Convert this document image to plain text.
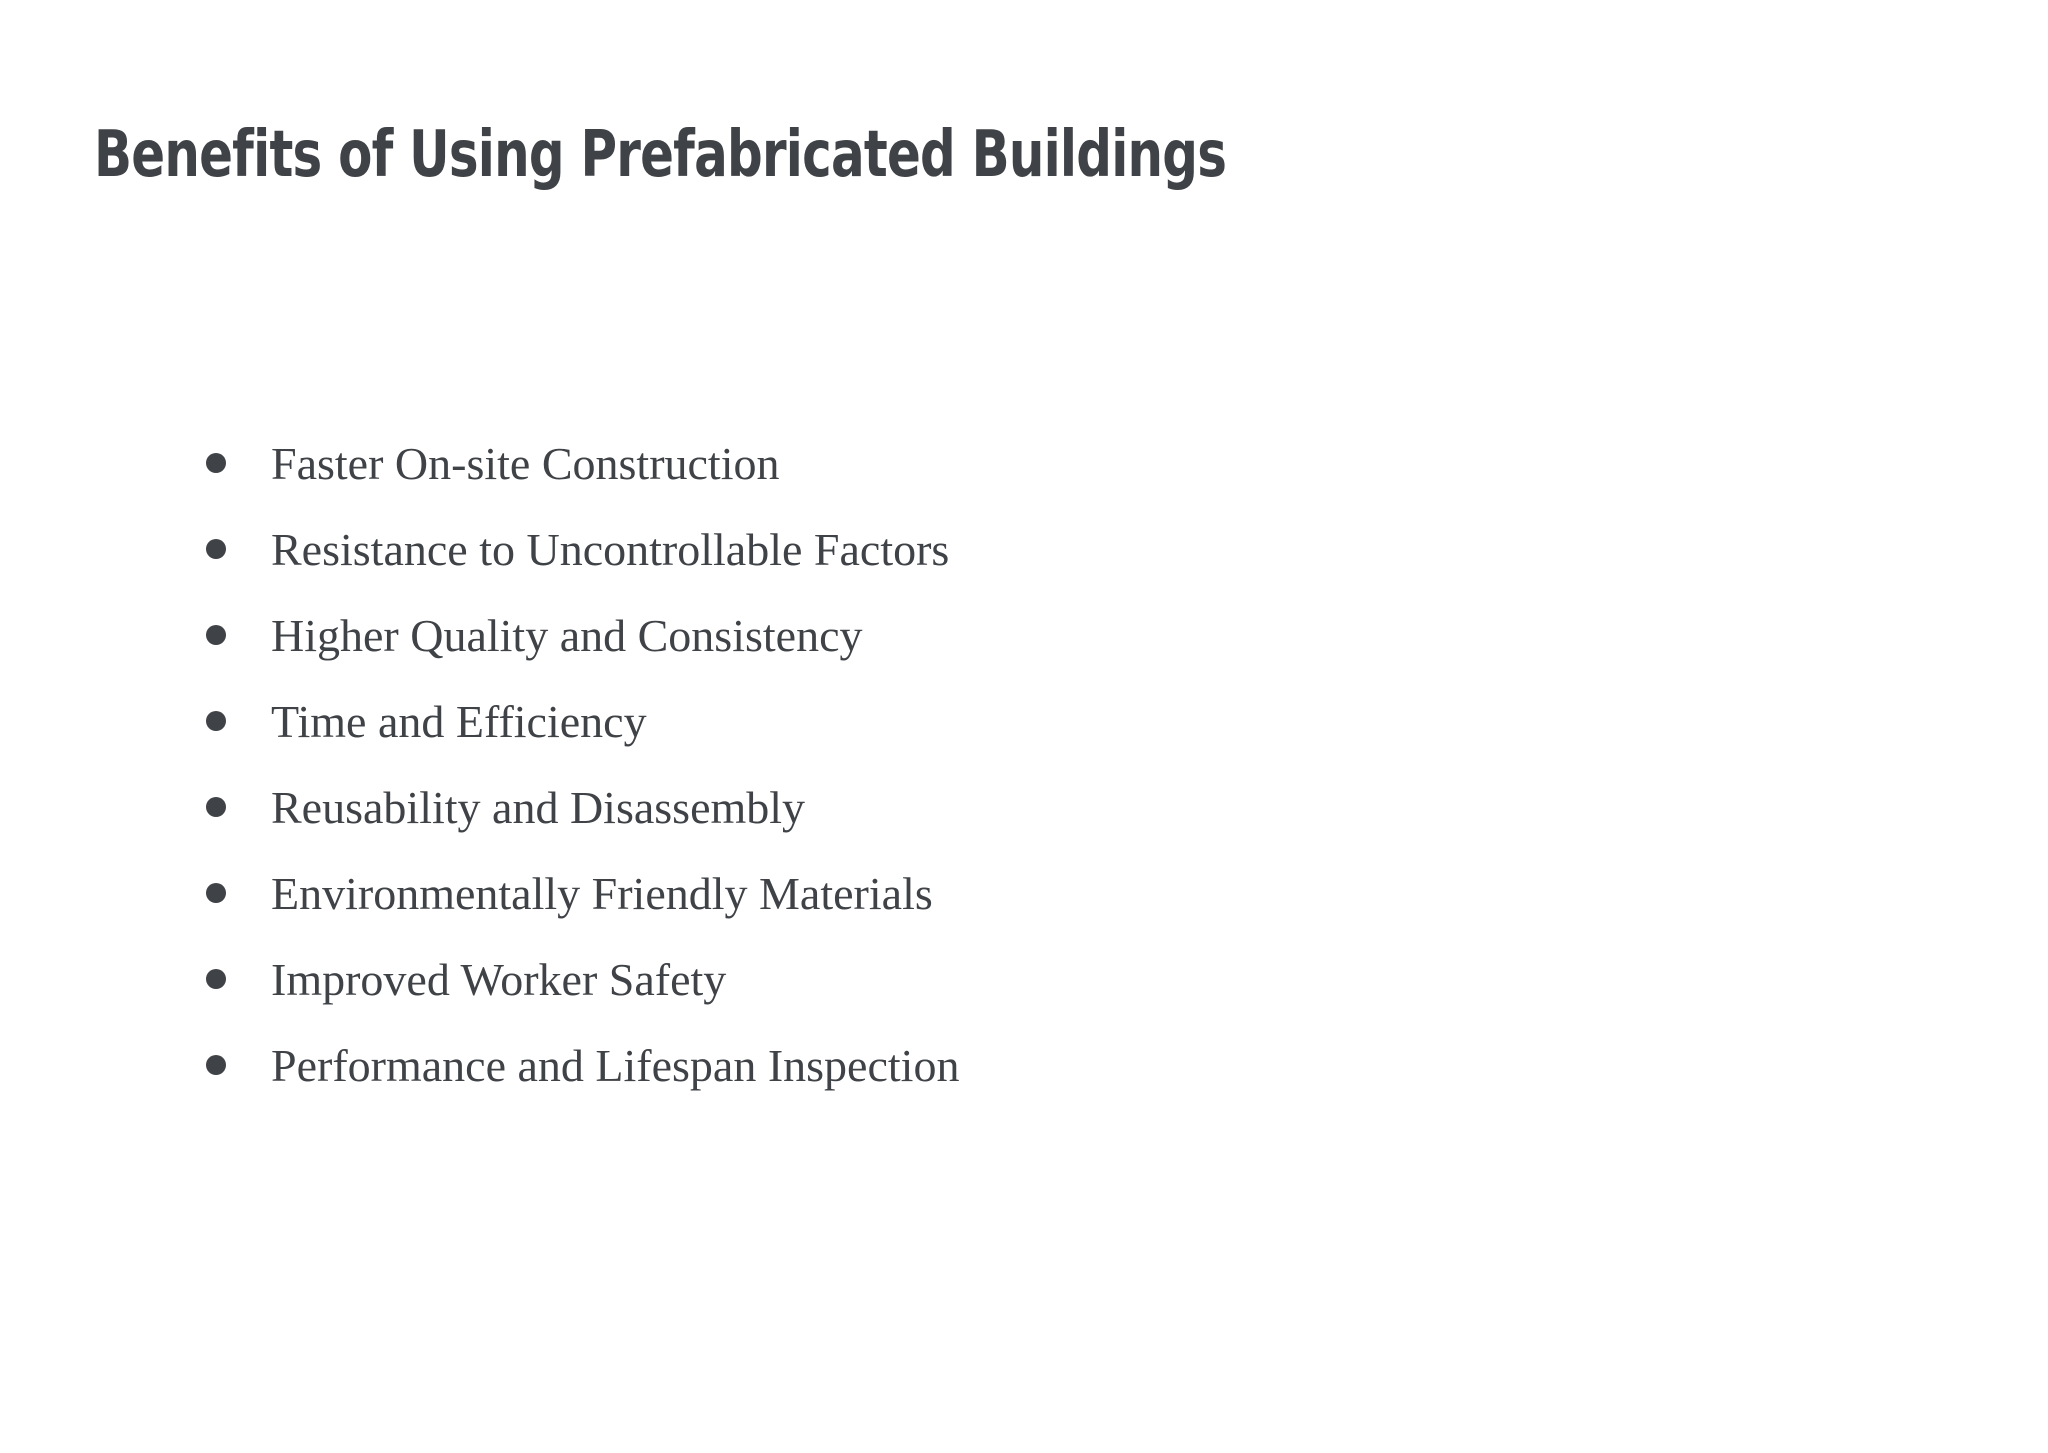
Benefits of Using Prefabricated Buildings
Faster On-site Construction
Resistance to Uncontrollable Factors
Higher Quality and Consistency
Time and Efficiency
Reusability and Disassembly
Environmentally Friendly Materials
Improved Worker Safety
Performance and Lifespan Inspection
